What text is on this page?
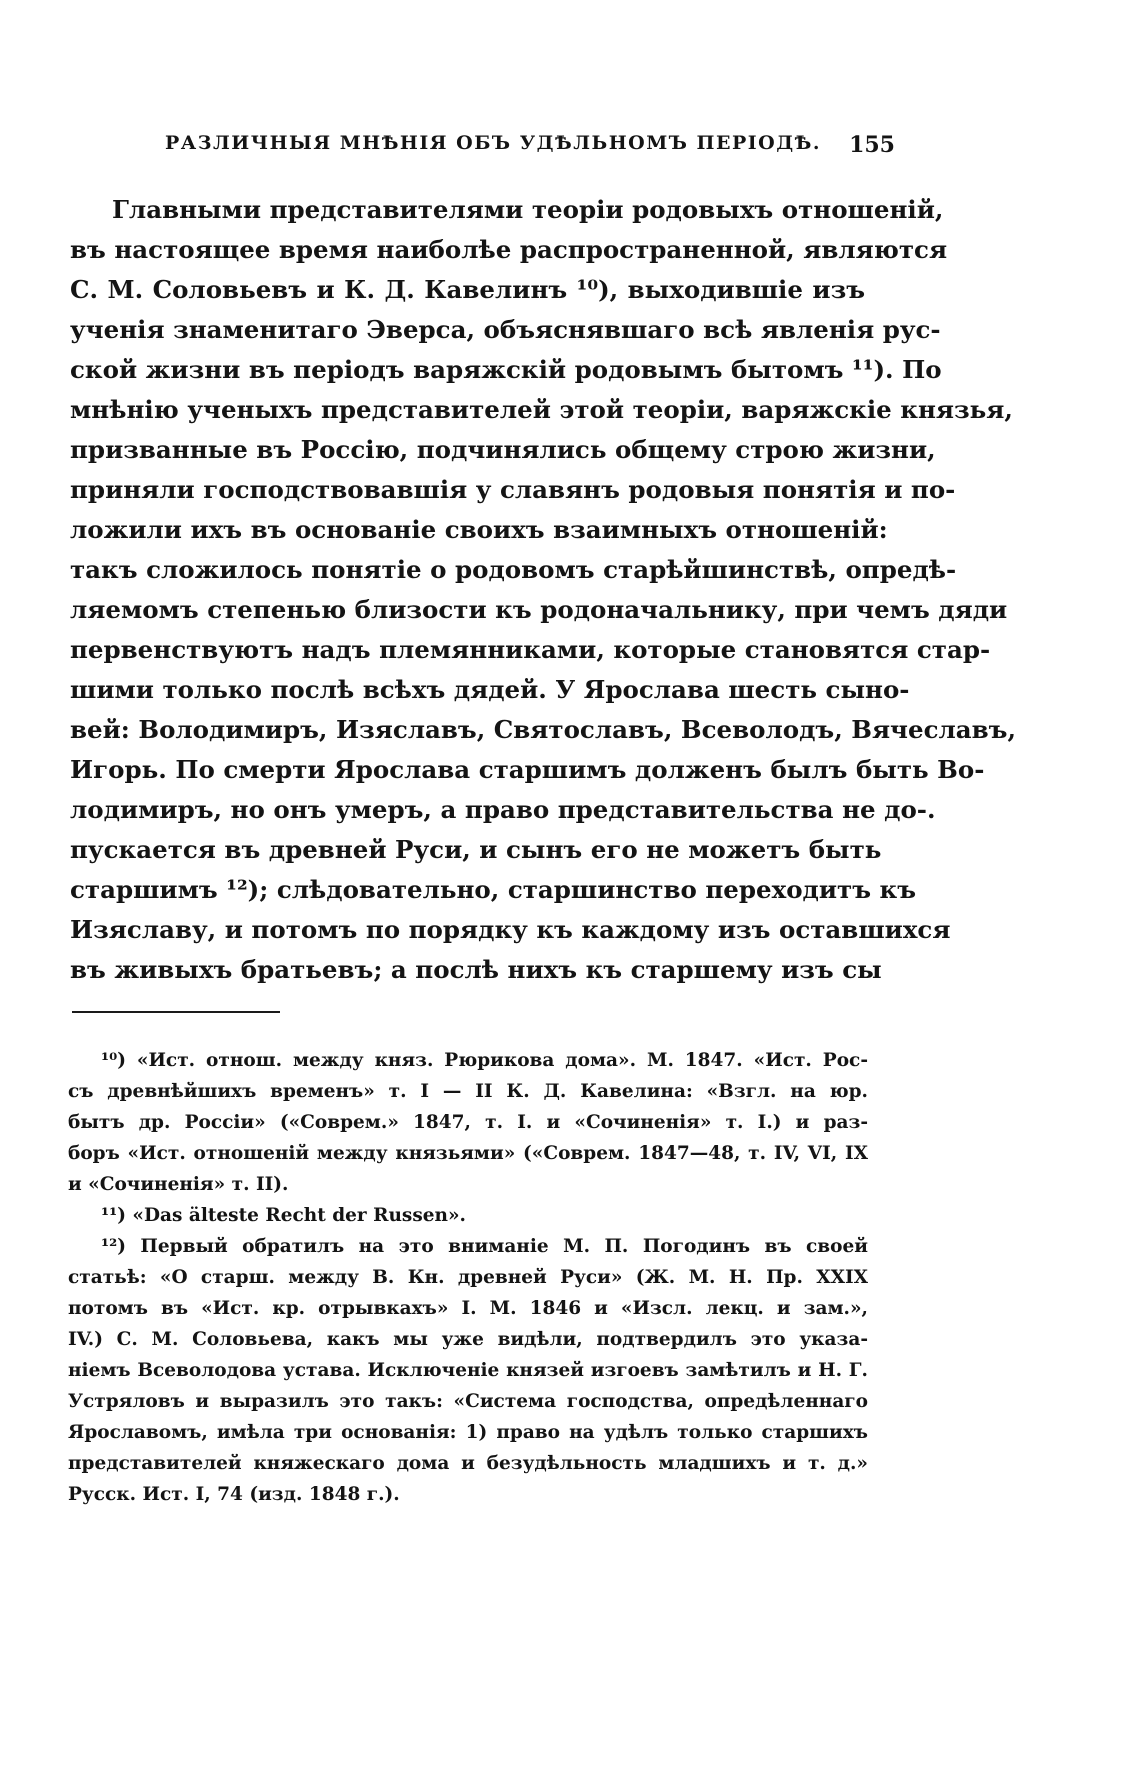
РАЗЛИЧНЫЯ МНѢНІЯ ОБЪ УДѢЛЬНОМЪ ПЕРІОДѢ. 155
Главными представителями теоріи родовыхъ отношеній,
въ настоящее время наиболѣе распространенной, являются
С. М. Соловьевъ и К. Д. Кавелинъ ¹⁰), выходившіе изъ
ученія знаменитаго Эверса, объяснявшаго всѣ явленія рус-
ской жизни въ періодъ варяжскій родовымъ бытомъ ¹¹). По
мнѣнію ученыхъ представителей этой теоріи, варяжскіе князья,
призванные въ Россію, подчинялись общему строю жизни,
приняли господствовавшія у славянъ родовыя понятія и по-
ложили ихъ въ основаніе своихъ взаимныхъ отношеній:
такъ сложилось понятіе о родовомъ старѣйшинствѣ, опредѣ-
ляемомъ степенью близости къ родоначальнику, при чемъ дяди
первенствуютъ надъ племянниками, которые становятся стар-
шими только послѣ всѣхъ дядей. У Ярослава шесть сыно-
вей: Володимиръ, Изяславъ, Святославъ, Всеволодъ, Вячеславъ,
Игорь. По смерти Ярослава старшимъ долженъ былъ быть Во-
лодимиръ, но онъ умеръ, а право представительства не до-.
пускается въ древней Руси, и сынъ его не можетъ быть
старшимъ ¹²); слѣдовательно, старшинство переходитъ къ
Изяславу, и потомъ по порядку къ каждому изъ оставшихся
въ живыхъ братьевъ; а послѣ нихъ къ старшему изъ сы
¹⁰) «Ист. отнош. между княз. Рюрикова дома». М. 1847. «Ист. Рос-
съ древнѣйшихъ временъ» т. I — II К. Д. Кавелина: «Взгл. на юр.
бытъ др. Россіи» («Соврем.» 1847, т. I. и «Сочиненія» т. I.) и раз-
боръ «Ист. отношеній между князьями» («Соврем. 1847—48, т. IV, VI, IX
и «Сочиненія» т. II).
¹¹) «Das älteste Recht der Russen».
¹²) Первый обратилъ на это вниманіе М. П. Погодинъ въ своей
статьѣ: «О старш. между В. Кн. древней Руси» (Ж. М. Н. Пр. XXIX
потомъ въ «Ист. кр. отрывкахъ» I. М. 1846 и «Изсл. лекц. и зам.»,
IV.) С. М. Соловьева, какъ мы уже видѣли, подтвердилъ это указа-
ніемъ Всеволодова устава. Исключеніе князей изгоевъ замѣтилъ и Н. Г.
Устряловъ и выразилъ это такъ: «Система господства, опредѣленнаго
Ярославомъ, имѣла три основанія: 1) право на удѣлъ только старшихъ
представителей княжескаго дома и безудѣльность младшихъ и т. д.»
Русск. Ист. I, 74 (изд. 1848 г.).
